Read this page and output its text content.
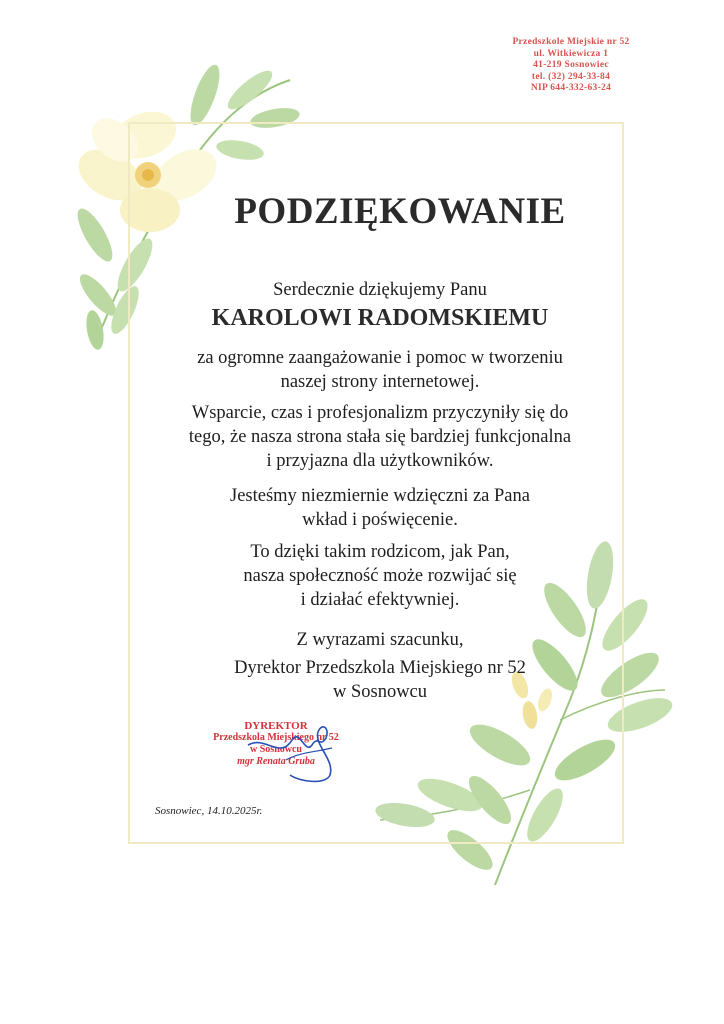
Przedszkole Miejskie nr 52
ul. Witkiewicza 1
41-219 Sosnowiec
tel. (32) 294-33-84
NIP 644-332-63-24
PODZIĘKOWANIE
Serdecznie dziękujemy Panu
KAROLOWI RADOMSKIEMU
za ogromne zaangażowanie i pomoc w tworzeniu
naszej strony internetowej.
Wsparcie, czas i profesjonalizm przyczyniły się do
tego, że nasza strona stała się bardziej funkcjonalna
i przyjazna dla użytkowników.
Jesteśmy niezmiernie wdzięczni za Pana
wkład i poświęcenie.
To dzięki takim rodzicom, jak Pan,
nasza społeczność może rozwijać się
i działać efektywniej.
Z wyrazami szacunku,
Dyrektor Przedszkola Miejskiego nr 52
w Sosnowcu
DYREKTOR
Przedszkola Miejskiego nr 52
w Sosnowcu
mgr Renata Gruba
Sosnowiec, 14.10.2025r.
